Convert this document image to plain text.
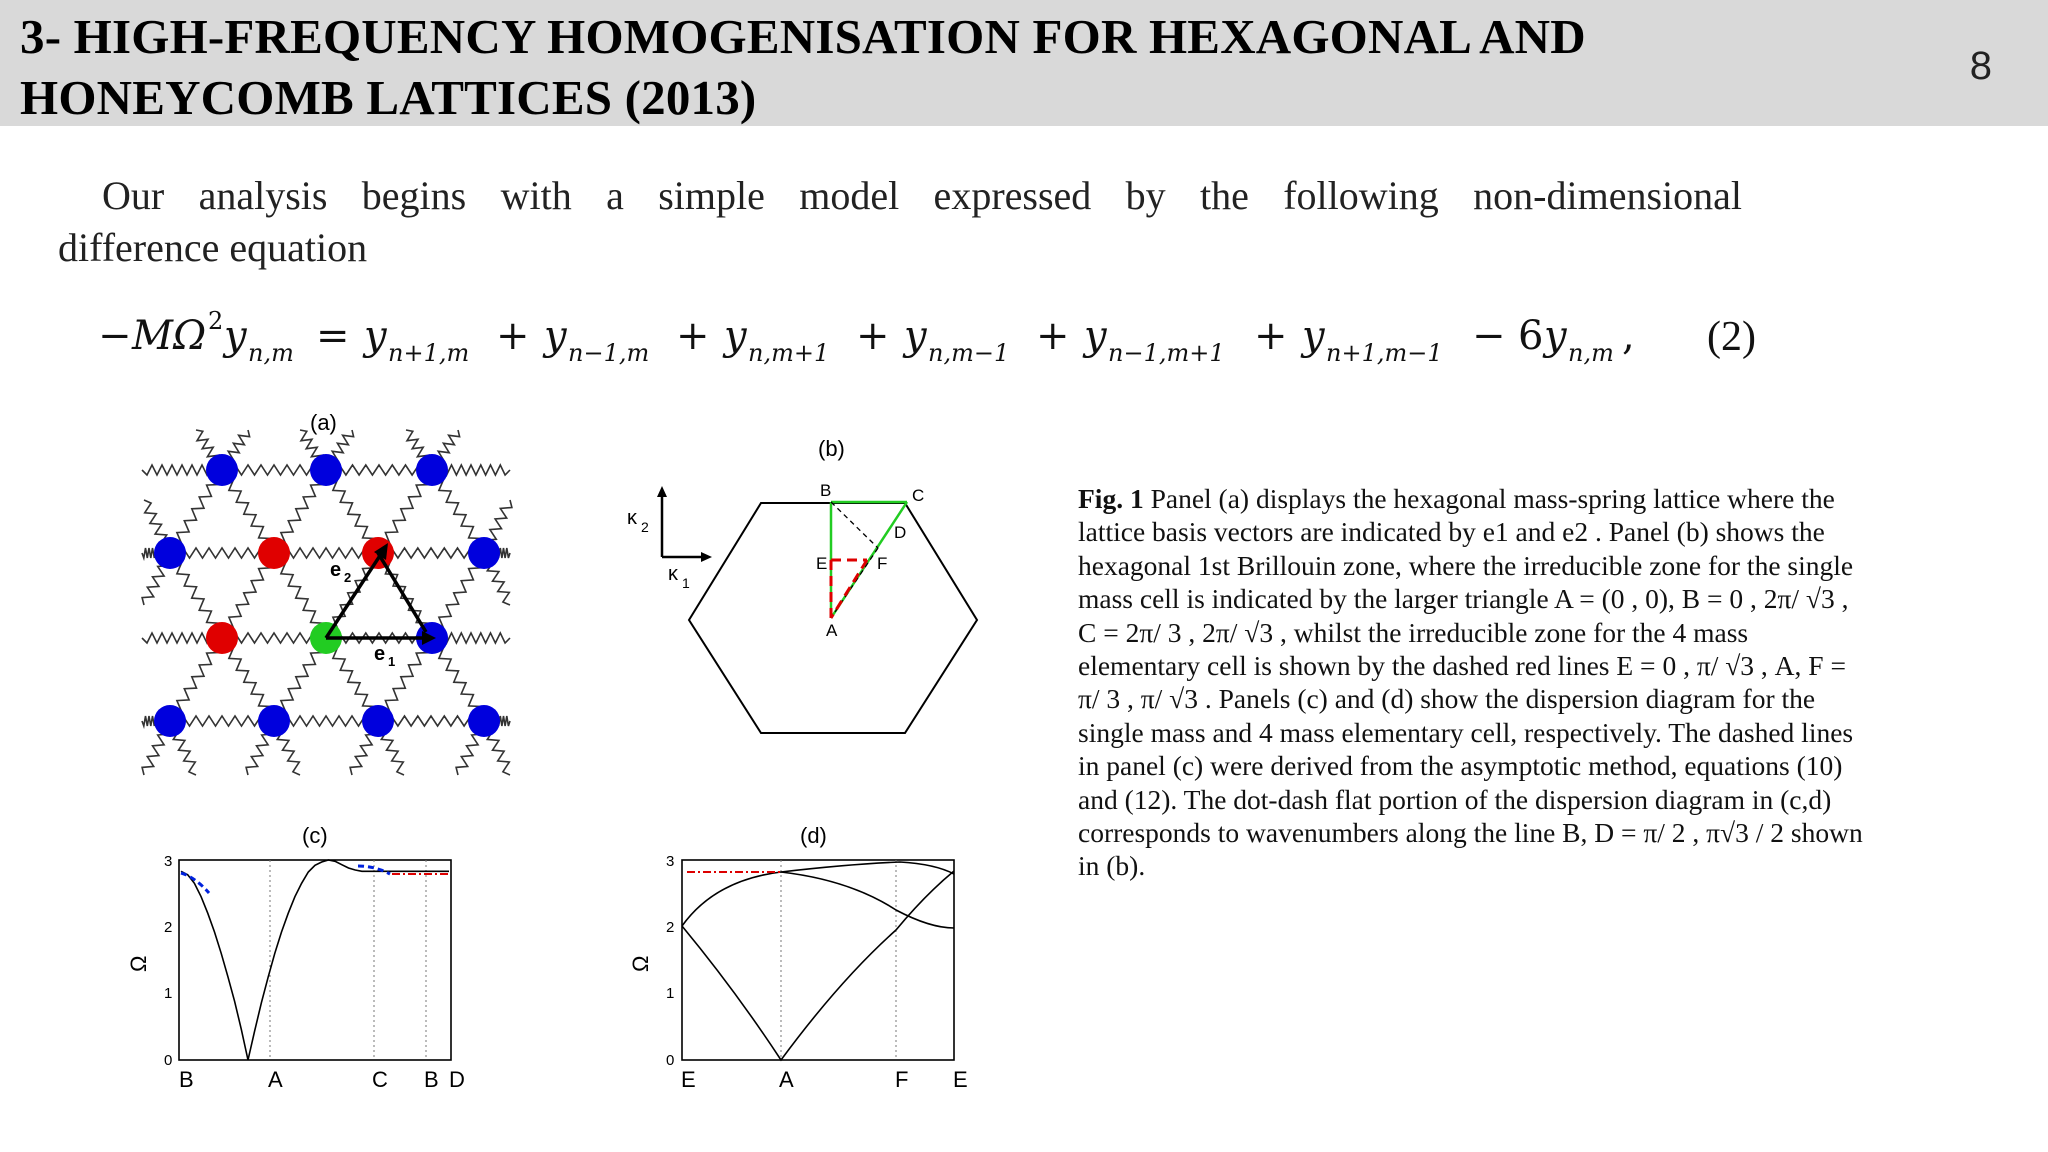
3- HIGH-FREQUENCY HOMOGENISATION FOR HEXAGONAL AND HONEYCOMB LATTICES (2013)
8
Our analysis begins with a simple model expressed by the following non-dimensional
difference equation
− MΩ 2 y n,m = y n+1,m + y n−1,m + y n,m+1 + y n,m−1 + y n−1,m+1 + y n+1,m−1 − 6 y n,m , (2)
(a)
e 1
e 2
(b)
B	C
D
E	F
A
κ 2
κ 1
(c)
0
1
2
3
Ω
B	A	C B D
(d)
0
1
2
3
Ω
E	A	F E
Fig. 1 Panel (a) displays the hexagonal mass-spring lattice where the lattice basis vectors are indicated by e1 and e2 . Panel (b) shows the hexagonal 1st Brillouin zone, where the irreducible zone for the single mass cell is indicated by the larger triangle A = (0 , 0), B = 0 , 2π/ √3 , C = 2π/ 3 , 2π/ √3 , whilst the irreducible zone for the 4 mass elementary cell is shown by the dashed red lines E = 0 , π/ √3 , A, F = π/ 3 , π/ √3 . Panels (c) and (d) show the dispersion diagram for the single mass and 4 mass elementary cell, respectively. The dashed lines in panel (c) were derived from the asymptotic method, equations (10) and (12). The dot-dash flat portion of the dispersion diagram in (c,d) corresponds to wavenumbers along the line B, D = π/ 2 , π√3 / 2 shown in (b).
